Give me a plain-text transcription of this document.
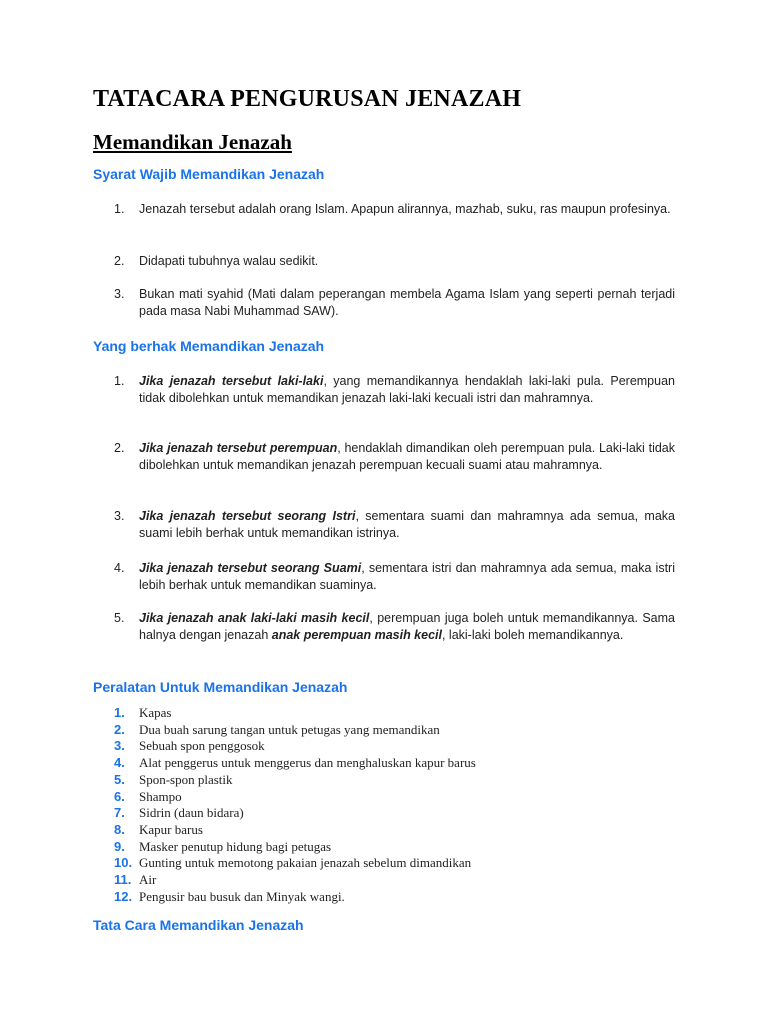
TATACARA PENGURUSAN JENAZAH
Memandikan Jenazah
Syarat Wajib Memandikan Jenazah
1. Jenazah tersebut adalah orang Islam. Apapun alirannya, mazhab, suku, ras maupun profesinya.

2. Didapati tubuhnya walau sedikit.

3. Bukan mati syahid (Mati dalam peperangan membela Agama Islam yang seperti pernah terjadi pada masa Nabi Muhammad SAW).

Yang berhak Memandikan Jenazah
1. Jika jenazah tersebut laki-laki, yang memandikannya hendaklah laki-laki pula. Perempuan tidak dibolehkan untuk memandikan jenazah laki-laki kecuali istri dan mahramnya.

2. Jika jenazah tersebut perempuan, hendaklah dimandikan oleh perempuan pula. Laki-laki tidak dibolehkan untuk memandikan jenazah perempuan kecuali suami atau mahramnya.

3. Jika jenazah tersebut seorang Istri, sementara suami dan mahramnya ada semua, maka suami lebih berhak untuk memandikan istrinya.

4. Jika jenazah tersebut seorang Suami, sementara istri dan mahramnya ada semua, maka istri lebih berhak untuk memandikan suaminya.

5. Jika jenazah anak laki-laki masih kecil, perempuan juga boleh untuk memandikannya. Sama halnya dengan jenazah anak perempuan masih kecil, laki-laki boleh memandikannya.

Peralatan Untuk Memandikan Jenazah
1. Kapas
2. Dua buah sarung tangan untuk petugas yang memandikan
3. Sebuah spon penggosok
4. Alat penggerus untuk menggerus dan menghaluskan kapur barus
5. Spon-spon plastik
6. Shampo
7. Sidrin (daun bidara)
8. Kapur barus
9. Masker penutup hidung bagi petugas
10. Gunting untuk memotong pakaian jenazah sebelum dimandikan
11. Air
12. Pengusir bau busuk dan Minyak wangi.
Tata Cara Memandikan Jenazah
